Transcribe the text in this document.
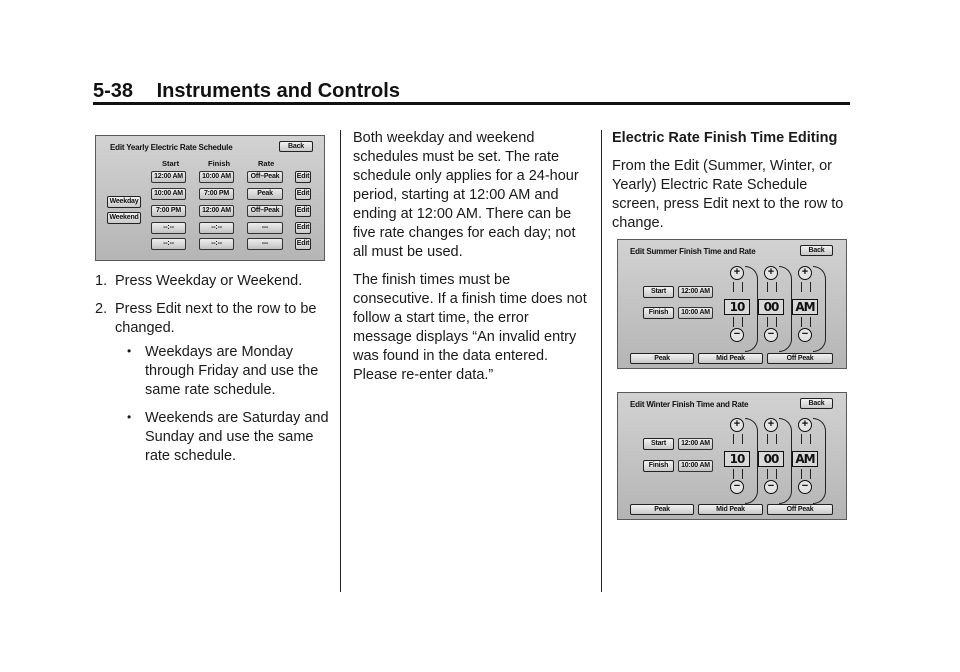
5-38 Instruments and Controls
Edit Yearly Electric Rate Schedule	Back
Start	Finish	Rate
Weekday
Weekend
12:00 AM	10:00 AM	Off–Peak	Edit
10:00 AM	7:00 PM	Peak	Edit
7:00 PM	12:00 AM	Off–Peak	Edit
--:--	--:--	---	Edit
--:--	--:--	---	Edit
1. Press Weekday or Weekend.
2. Press Edit next to the row to be changed.
• Weekdays are Monday through Friday and use the same rate schedule.
• Weekends are Saturday and Sunday and use the same rate schedule.

Both weekday and weekend schedules must be set. The rate schedule only applies for a 24-hour period, starting at 12:00 AM and ending at 12:00 AM. There can be five rate changes for each day; not all must be used.

The finish times must be consecutive. If a finish time does not follow a start time, the error message displays “An invalid entry was found in the data entered. Please re-enter data.”

Electric Rate Finish Time Editing

From the Edit (Summer, Winter, or Yearly) Electric Rate Schedule screen, press Edit next to the row to change.

Edit Summer Finish Time and Rate	Back
Start	12:00 AM
Finish	10:00 AM
+
10
−
+
00
−
+
AM
−
Peak	Mid Peak	Off Peak
Edit Winter Finish Time and Rate	Back
Start	12:00 AM
Finish	10:00 AM
+
10
−
+
00
−
+
AM
−
Peak	Mid Peak	Off Peak
